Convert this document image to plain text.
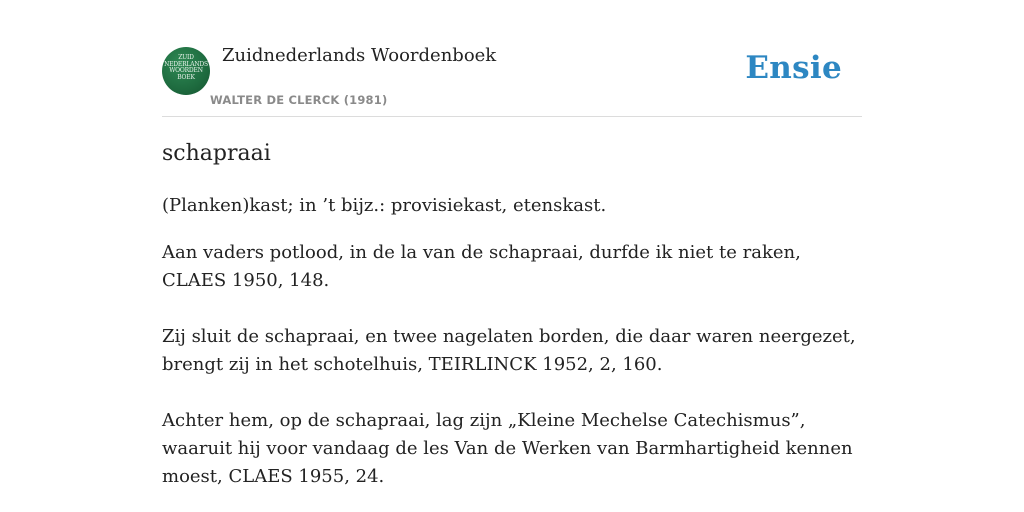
ZUID NEDERLANDS WOORDEN BOEK
Zuidnederlands Woordenboek
WALTER DE CLERCK (1981)
Ensie
schapraai

(Planken)kast; in ’t bijz.: provisiekast, etenskast.

Aan vaders potlood, in de la van de schapraai, durfde ik niet te raken, CLAES 1950, 148.

Zij sluit de schapraai, en twee nagelaten borden, die daar waren neergezet, brengt zij in het schotelhuis, TEIRLINCK 1952, 2, 160.

Achter hem, op de schapraai, lag zijn „Kleine Mechelse Catechismus”, waaruit hij voor vandaag de les Van de Werken van Barmhartigheid kennen moest, CLAES 1955, 24.
